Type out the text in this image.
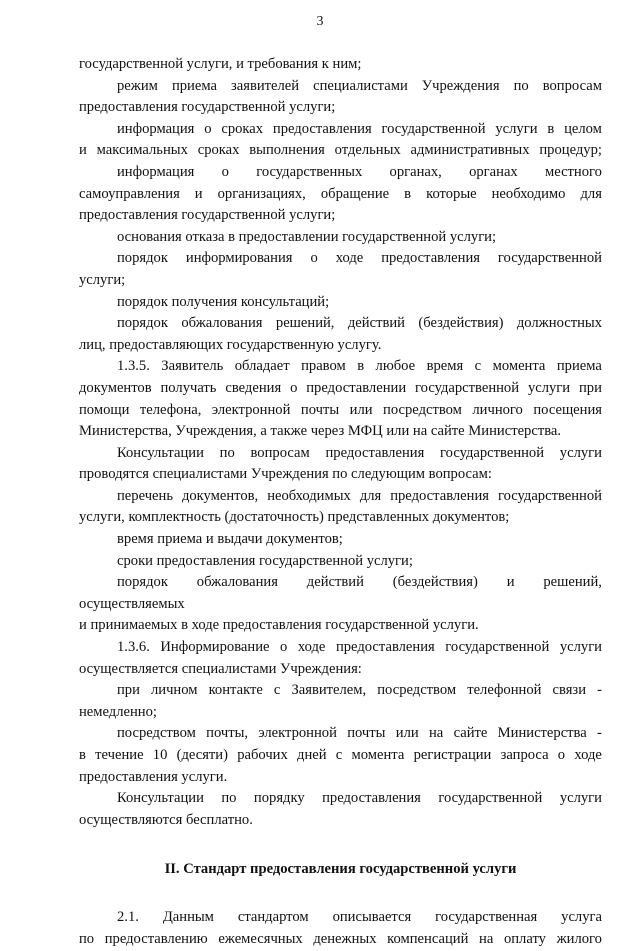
3
государственной услуги, и требования к ним;
режим приема заявителей специалистами Учреждения по вопросам
предоставления государственной услуги;
информация о сроках предоставления государственной услуги в целом
и максимальных сроках выполнения отдельных административных процедур;
информация о государственных органах, органах местного
самоуправления и организациях, обращение в которые необходимо для
предоставления государственной услуги;
основания отказа в предоставлении государственной услуги;
порядок информирования о ходе предоставления государственной
услуги;
порядок получения консультаций;
порядок обжалования решений, действий (бездействия) должностных
лиц, предоставляющих государственную услугу.
1.3.5. Заявитель обладает правом в любое время с момента приема
документов получать сведения о предоставлении государственной услуги при
помощи телефона, электронной почты или посредством личного посещения
Министерства, Учреждения, а также через МФЦ или на сайте Министерства.
Консультации по вопросам предоставления государственной услуги
проводятся специалистами Учреждения по следующим вопросам:
перечень документов, необходимых для предоставления государственной
услуги, комплектность (достаточность) представленных документов;
время приема и выдачи документов;
сроки предоставления государственной услуги;
порядок обжалования действий (бездействия) и решений,
осуществляемых
и принимаемых в ходе предоставления государственной услуги.
1.3.6. Информирование о ходе предоставления государственной услуги
осуществляется специалистами Учреждения:
при личном контакте с Заявителем, посредством телефонной связи -
немедленно;
посредством почты, электронной почты или на сайте Министерства -
в течение 10 (десяти) рабочих дней с момента регистрации запроса о ходе
предоставления услуги.
Консультации по порядку предоставления государственной услуги
осуществляются бесплатно.
II. Стандарт предоставления государственной услуги
2.1. Данным стандартом описывается государственная услуга
по предоставлению ежемесячных денежных компенсаций на оплату жилого
